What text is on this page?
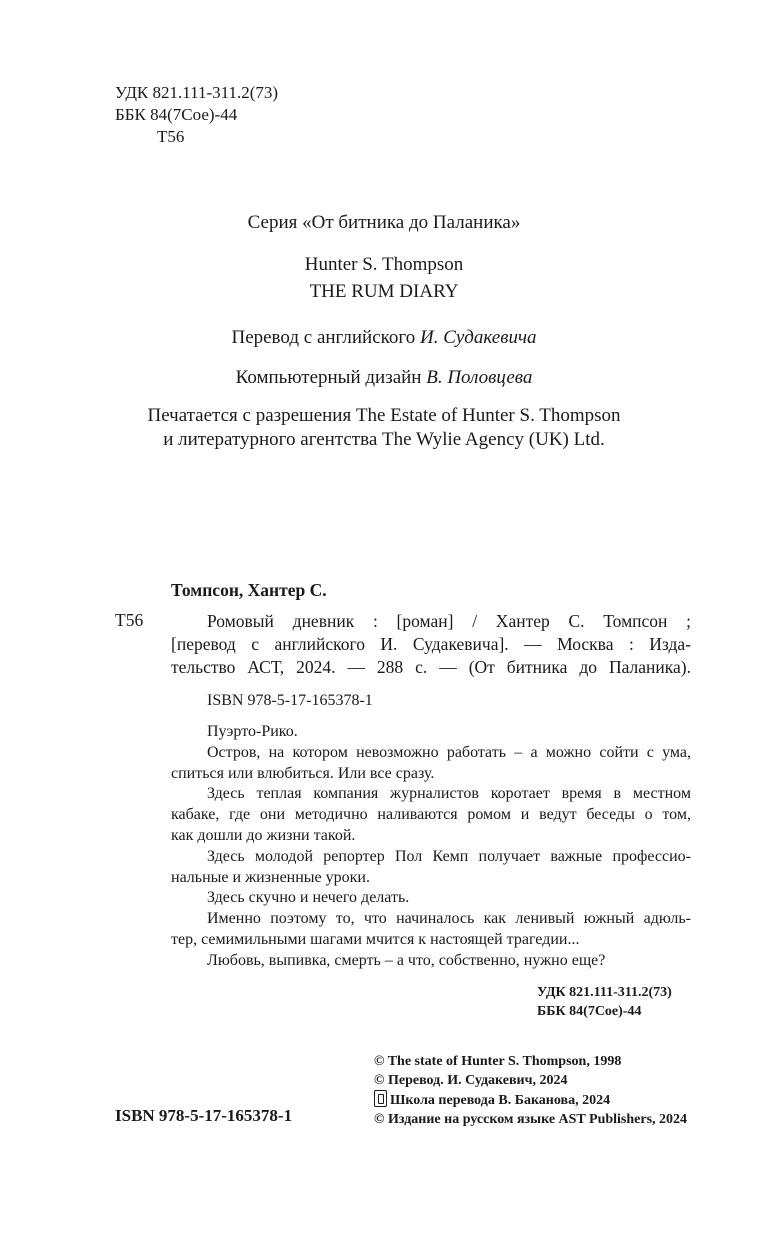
УДК 821.111-311.2(73)
ББК 84(7Сое)-44
Т56
Серия «От битника до Паланика»
Hunter S. Thompson
THE RUM DIARY
Перевод с английского И. Судакевича
Компьютерный дизайн В. Половцева
Печатается с разрешения The Estate of Hunter S. Thompson
и литературного агентства The Wylie Agency (UK) Ltd.
Томпсон, Хантер С.
Т56	Ромовый дневник : [роман] / Хантер С. Томпсон ;
[перевод с английского И. Судакевича]. — Москва : Изда-
тельство АСТ, 2024. — 288 с. — (От битника до Паланика).
ISBN 978-5-17-165378-1
Пуэрто-Рико.
Остров, на котором невозможно работать – а можно сойти с ума,
спиться или влюбиться. Или все сразу.
Здесь теплая компания журналистов коротает время в местном
кабаке, где они методично наливаются ромом и ведут беседы о том,
как дошли до жизни такой.
Здесь молодой репортер Пол Кемп получает важные профессио-
нальные и жизненные уроки.
Здесь скучно и нечего делать.
Именно поэтому то, что начиналось как ленивый южный адюль-
тер, семимильными шагами мчится к настоящей трагедии...
Любовь, выпивка, смерть – а что, собственно, нужно еще?
УДК 821.111-311.2(73)
ББК 84(7Сое)-44
ISBN 978-5-17-165378-1
© The state of Hunter S. Thompson, 1998
© Перевод. И. Судакевич, 2024
Школа перевода В. Баканова, 2024
© Издание на русском языке AST Publishers, 2024
